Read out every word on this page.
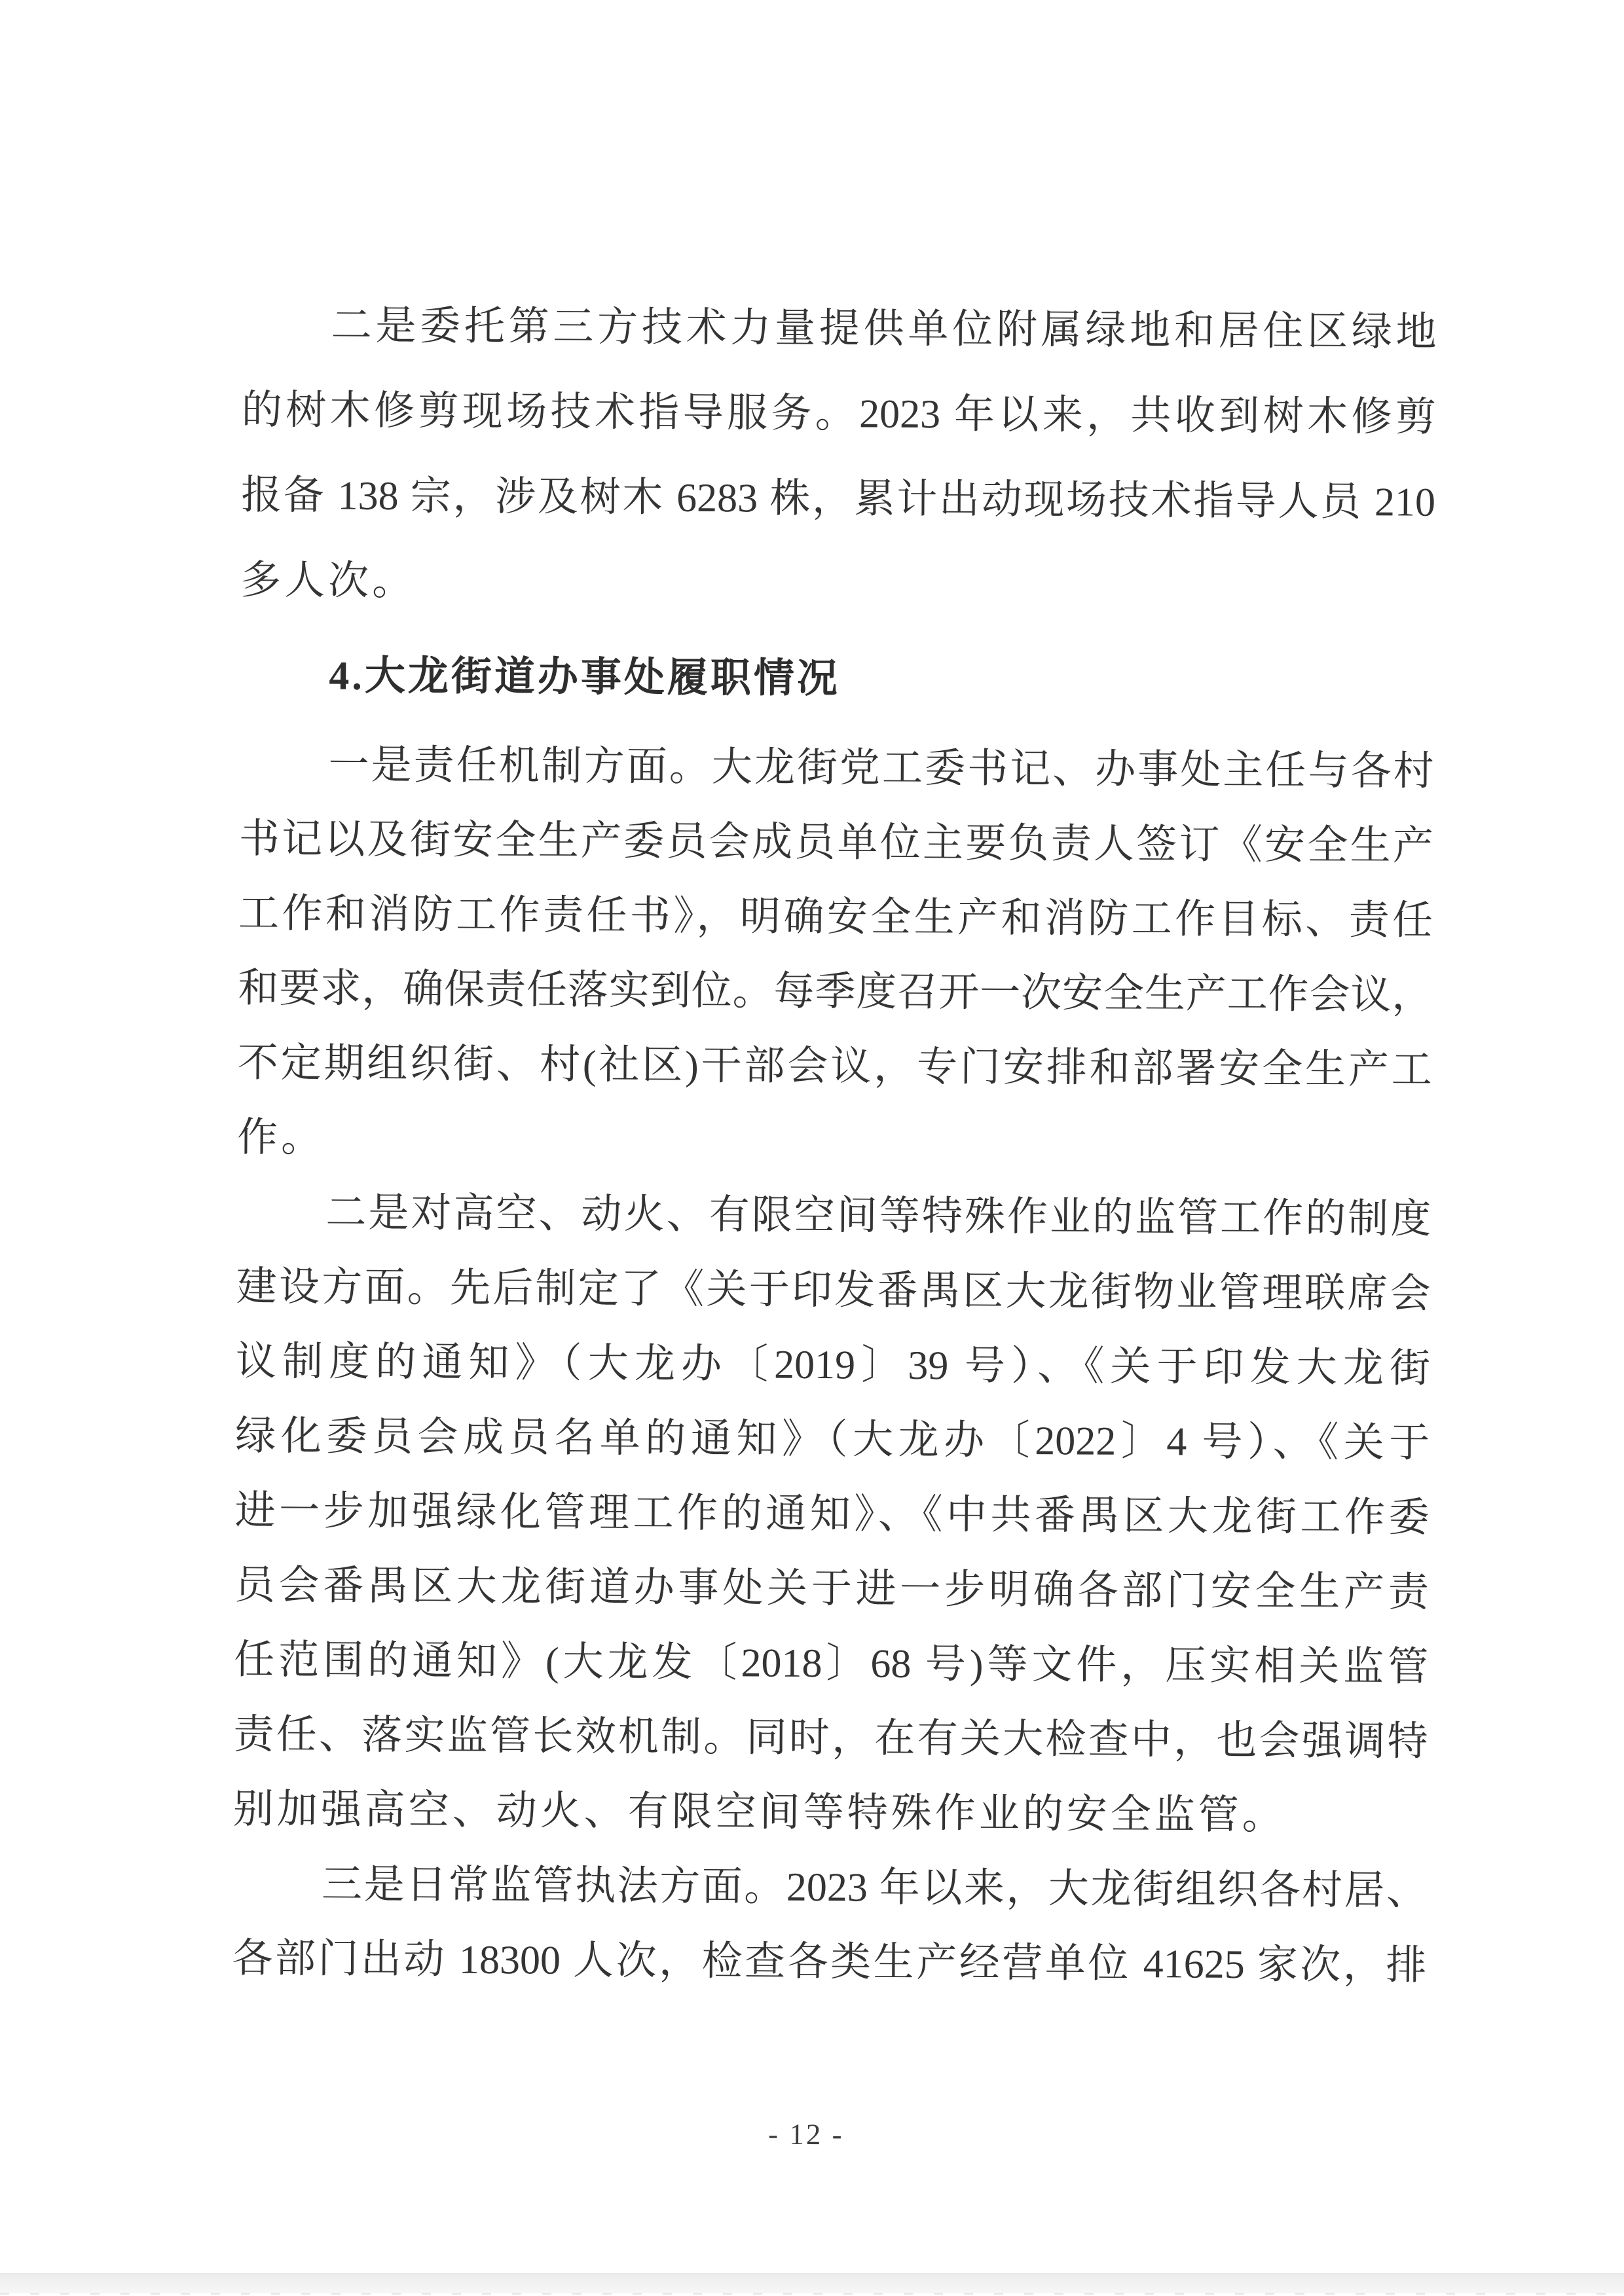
二是委托第三方技术力量提供单位附属绿地和居住区绿地

的树木修剪现场技术指导服务。2023 年以来，共收到树木修剪

报备 138 宗，涉及树木 6283 株，累计出动现场技术指导人员 210

多人次。

4.大龙街道办事处履职情况

一是责任机制方面。大龙街党工委书记、办事处主任与各村

书记以及街安全生产委员会成员单位主要负责人签订《安全生产

工作和消防工作责任书》，明确安全生产和消防工作目标、责任

和要求，确保责任落实到位。每季度召开一次安全生产工作会议，

不定期组织街、村(社区)干部会议，专门安排和部署安全生产工

作。

二是对高空、动火、有限空间等特殊作业的监管工作的制度

建设方面。先后制定了《关于印发番禺区大龙街物业管理联席会

议制度的通知》（大龙办〔2019〕39 号）、《关于印发大龙街

绿化委员会成员名单的通知》（大龙办〔2022〕4 号）、《关于

进一步加强绿化管理工作的通知》、《中共番禺区大龙街工作委

员会番禺区大龙街道办事处关于进一步明确各部门安全生产责

任范围的通知》(大龙发〔2018〕68 号)等文件，压实相关监管

责任、落实监管长效机制。同时，在有关大检查中，也会强调特

别加强高空、动火、有限空间等特殊作业的安全监管。

三是日常监管执法方面。2023 年以来，大龙街组织各村居、

各部门出动 18300 人次，检查各类生产经营单位 41625 家次，排

- 12 -
